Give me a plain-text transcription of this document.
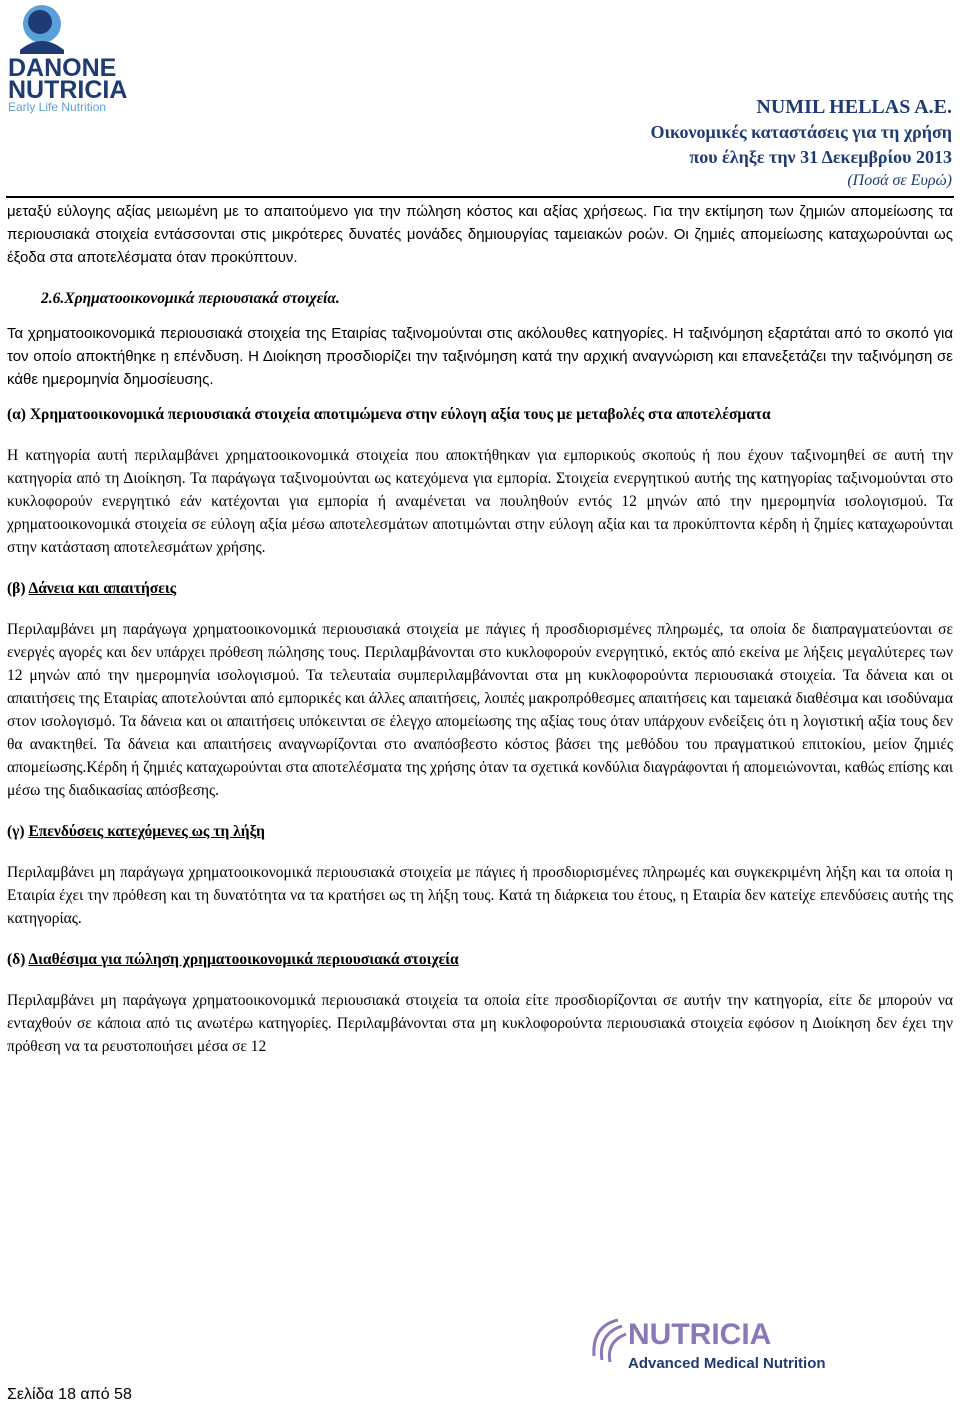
DANONE
NUTRICIA
Early Life Nutrition	NUMIL HELLAS A.E.
Οικονομικές καταστάσεις για τη χρήση
που έληξε την 31 Δεκεμβρίου 2013
(Ποσά σε Ευρώ)

μεταξύ εύλογης αξίας μειωμένη με το απαιτούμενο για την πώληση κόστος και αξίας χρήσεως. Για την εκτίμηση των ζημιών απομείωσης τα περιουσιακά στοιχεία εντάσσονται στις μικρότερες δυνατές μονάδες δημιουργίας ταμειακών ροών. Οι ζημιές απομείωσης καταχωρούνται ως έξοδα στα αποτελέσματα όταν προκύπτουν.

2.6.Χρηματοοικονομικά περιουσιακά στοιχεία.

Τα χρηματοοικονομικά περιουσιακά στοιχεία της Εταιρίας ταξινομούνται στις ακόλουθες κατηγορίες. Η ταξινόμηση εξαρτάται από το σκοπό για τον οποίο αποκτήθηκε η επένδυση. Η Διοίκηση προσδιορίζει την ταξινόμηση κατά την αρχική αναγνώριση και επανεξετάζει την ταξινόμηση σε κάθε ημερομηνία δημοσίευσης.

(α) Χρηματοοικονομικά περιουσιακά στοιχεία αποτιμώμενα στην εύλογη αξία τους με μεταβολές στα αποτελέσματα

Η κατηγορία αυτή περιλαμβάνει χρηματοοικονομικά στοιχεία που αποκτήθηκαν για εμπορικούς σκοπούς ή που έχουν ταξινομηθεί σε αυτή την κατηγορία από τη Διοίκηση. Τα παράγωγα ταξινομούνται ως κατεχόμενα για εμπορία. Στοιχεία ενεργητικού αυτής της κατηγορίας ταξινομούνται στο κυκλοφορούν ενεργητικό εάν κατέχονται για εμπορία ή αναμένεται να πουληθούν εντός 12 μηνών από την ημερομηνία ισολογισμού. Τα χρηματοοικονομικά στοιχεία σε εύλογη αξία μέσω αποτελεσμάτων αποτιμώνται στην εύλογη αξία και τα προκύπτοντα κέρδη ή ζημίες καταχωρούνται στην κατάσταση αποτελεσμάτων χρήσης.

(β) Δάνεια και απαιτήσεις

Περιλαμβάνει μη παράγωγα χρηματοοικονομικά περιουσιακά στοιχεία με πάγιες ή προσδιορισμένες πληρωμές, τα οποία δε διαπραγματεύονται σε ενεργές αγορές και δεν υπάρχει πρόθεση πώλησης τους. Περιλαμβάνονται στο κυκλοφορούν ενεργητικό, εκτός από εκείνα με λήξεις μεγαλύτερες των 12 μηνών από την ημερομηνία ισολογισμού. Τα τελευταία συμπεριλαμβάνονται στα μη κυκλοφορούντα περιουσιακά στοιχεία. Τα δάνεια και οι απαιτήσεις της Εταιρίας αποτελούνται από εμπορικές και άλλες απαιτήσεις, λοιπές μακροπρόθεσμες απαιτήσεις και ταμειακά διαθέσιμα και ισοδύναμα στον ισολογισμό. Τα δάνεια και οι απαιτήσεις υπόκεινται σε έλεγχο απομείωσης της αξίας τους όταν υπάρχουν ενδείξεις ότι η λογιστική αξία τους δεν θα ανακτηθεί. Τα δάνεια και απαιτήσεις αναγνωρίζονται στο αναπόσβεστο κόστος βάσει της μεθόδου του πραγματικού επιτοκίου, μείον ζημιές απομείωσης.Κέρδη ή ζημιές καταχωρούνται στα αποτελέσματα της χρήσης όταν τα σχετικά κονδύλια διαγράφονται ή απομειώνονται, καθώς επίσης και μέσω της διαδικασίας απόσβεσης.

(γ) Επενδύσεις κατεχόμενες ως τη λήξη

Περιλαμβάνει μη παράγωγα χρηματοοικονομικά περιουσιακά στοιχεία με πάγιες ή προσδιορισμένες πληρωμές και συγκεκριμένη λήξη και τα οποία η Εταιρία έχει την πρόθεση και τη δυνατότητα να τα κρατήσει ως τη λήξη τους. Κατά τη διάρκεια του έτους, η Εταιρία δεν κατείχε επενδύσεις αυτής της κατηγορίας.

(δ) Διαθέσιμα για πώληση χρηματοοικονομικά περιουσιακά στοιχεία

Περιλαμβάνει μη παράγωγα χρηματοοικονομικά περιουσιακά στοιχεία τα οποία είτε προσδιορίζονται σε αυτήν την κατηγορία, είτε δε μπορούν να ενταχθούν σε κάποια από τις ανωτέρω κατηγορίες. Περιλαμβάνονται στα μη κυκλοφορούντα περιουσιακά στοιχεία εφόσον η Διοίκηση δεν έχει την πρόθεση να τα ρευστοποιήσει μέσα σε 12

NUTRICIA
Advanced Medical Nutrition
Σελίδα 18 από 58
